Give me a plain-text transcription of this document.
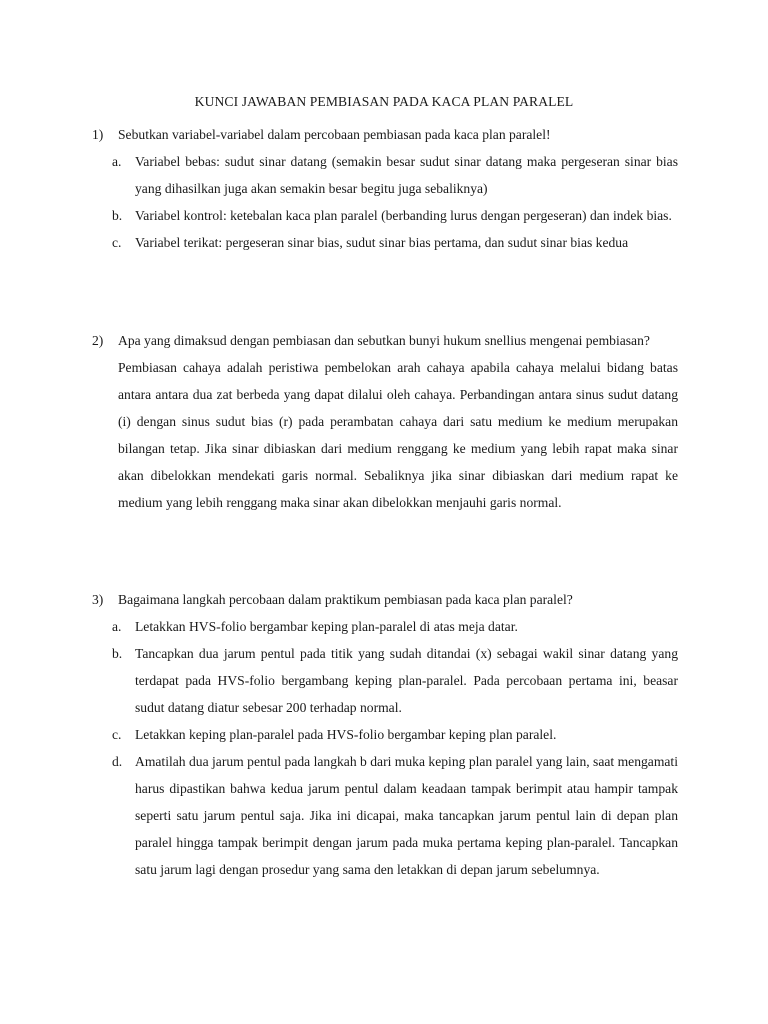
KUNCI JAWABAN PEMBIASAN PADA KACA PLAN PARALEL
1)	Sebutkan variabel-variabel dalam percobaan pembiasan pada kaca plan paralel!
a. Variabel bebas: sudut sinar datang (semakin besar sudut sinar datang maka pergeseran sinar bias yang dihasilkan juga akan semakin besar begitu juga sebaliknya)
b. Variabel kontrol: ketebalan kaca plan paralel (berbanding lurus dengan pergeseran) dan indek bias.
c. Variabel terikat: pergeseran sinar bias, sudut sinar bias pertama, dan sudut sinar bias kedua
2)	Apa yang dimaksud dengan pembiasan dan sebutkan bunyi hukum snellius mengenai pembiasan?
Pembiasan cahaya adalah peristiwa pembelokan arah cahaya apabila cahaya melalui bidang batas antara antara dua zat berbeda yang dapat dilalui oleh cahaya. Perbandingan antara sinus sudut datang (i) dengan sinus sudut bias (r) pada perambatan cahaya dari satu medium ke medium merupakan bilangan tetap. Jika sinar dibiaskan dari medium renggang ke medium yang lebih rapat maka sinar akan dibelokkan mendekati garis normal. Sebaliknya jika sinar dibiaskan dari medium rapat ke medium yang lebih renggang maka sinar akan dibelokkan menjauhi garis normal.
3)	Bagaimana langkah percobaan dalam praktikum pembiasan pada kaca plan paralel?
a. Letakkan HVS-folio bergambar keping plan-paralel di atas meja datar.
b. Tancapkan dua jarum pentul pada titik yang sudah ditandai (x) sebagai wakil sinar datang yang terdapat pada HVS-folio bergambang keping plan-paralel. Pada percobaan pertama ini, beasar sudut datang diatur sebesar 200 terhadap normal.
c. Letakkan keping plan-paralel pada HVS-folio bergambar keping plan paralel.
d. Amatilah dua jarum pentul pada langkah b dari muka keping plan paralel yang lain, saat mengamati harus dipastikan bahwa kedua jarum pentul dalam keadaan tampak berimpit atau hampir tampak seperti satu jarum pentul saja. Jika ini dicapai, maka tancapkan jarum pentul lain di depan plan paralel hingga tampak berimpit dengan jarum pada muka pertama keping plan-paralel. Tancapkan satu jarum lagi dengan prosedur yang sama den letakkan di depan jarum sebelumnya.
